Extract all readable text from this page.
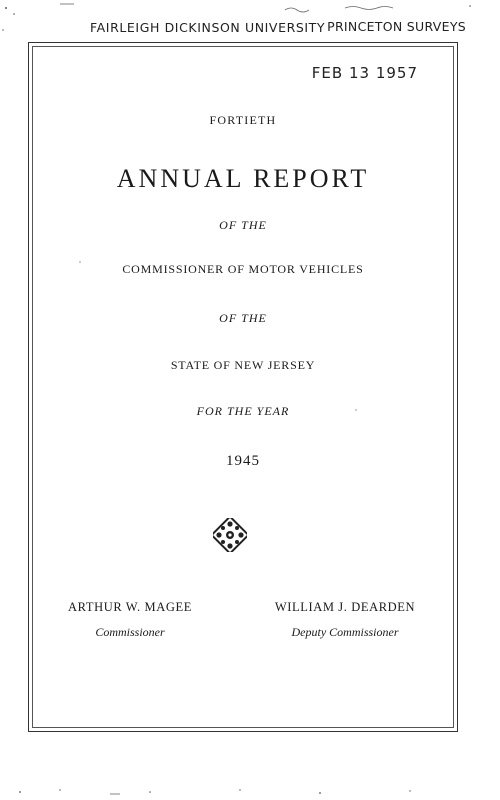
FAIRLEIGH DICKINSON UNIVERSITY PRINCETON SURVEYS
FEB 13 1957
FORTIETH
ANNUAL REPORT
OF THE
COMMISSIONER OF MOTOR VEHICLES
OF THE
STATE OF NEW JERSEY
FOR THE YEAR
1945
ARTHUR W. MAGEE
Commissioner
WILLIAM J. DEARDEN
Deputy Commissioner
